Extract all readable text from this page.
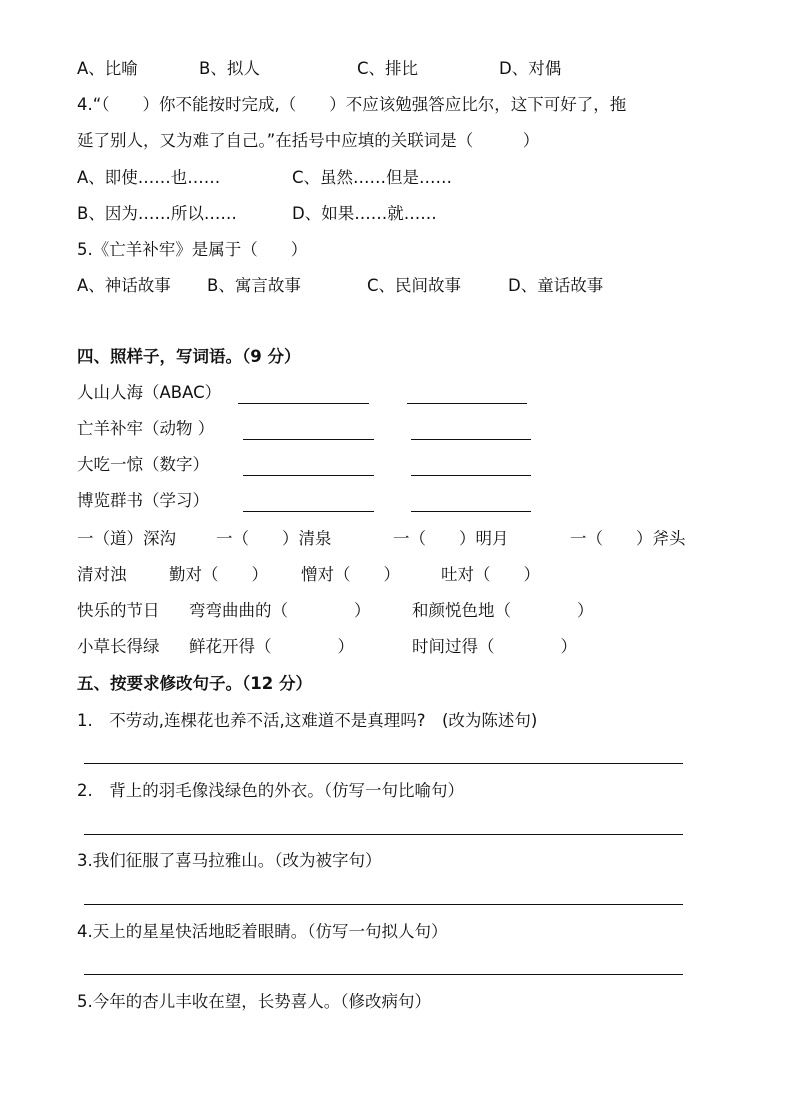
A、比喻	B、拟人	C、排比	D、对偶
4.“（　　）你不能按时完成,（　　）不应该勉强答应比尔，这下可好了，拖
延了别人，又为难了自己。”在括号中应填的关联词是（　　　）
A、即使……也……	C、虽然……但是……
B、因为……所以……	D、如果……就……
5.《亡羊补牢》是属于（　　）
A、神话故事 B、寓言故事	C、民间故事	D、童话故事
四、照样子，写词语。（9 分）
人山人海（ABAC）
亡羊补牢（动物 ）
大吃一惊（数字）
博览群书（学习）
一（道）深沟 一（　　）清泉	一（　　）明月	一（　　）斧头
清对浊	勤对（　　） 憎对（　　） 吐对（　　）
快乐的节日 弯弯曲曲的（　　　　）	和颜悦色地（　　　　）
小草长得绿 鲜花开得（　　　　）	时间过得（　　　　）
五、按要求修改句子。（12 分）
1.　不劳动,连棵花也养不活,这难道不是真理吗?　(改为陈述句)
2.　背上的羽毛像浅绿色的外衣。（仿写一句比喻句）
3.我们征服了喜马拉雅山。（改为被字句）
4.天上的星星快活地眨着眼睛。（仿写一句拟人句）
5.今年的杏儿丰收在望，长势喜人。（修改病句）
